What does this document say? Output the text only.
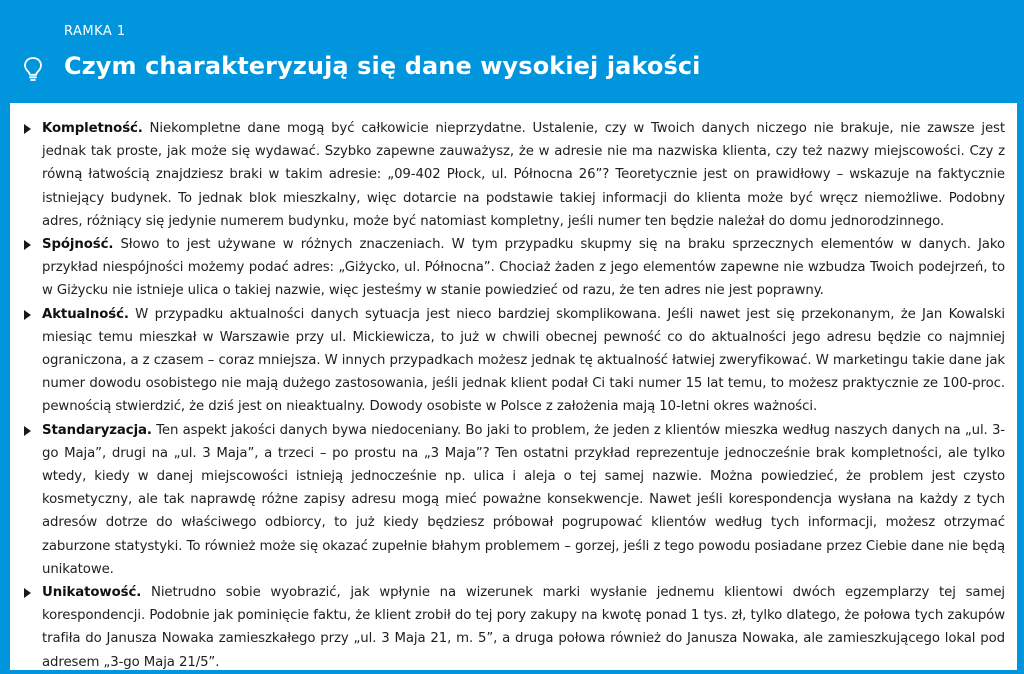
RAMKA 1
Czym charakteryzują się dane wysokiej jakości

Kompletność. Niekompletne dane mogą być całkowicie nieprzydatne. Ustalenie, czy w Twoich danych niczego nie brakuje, nie zawsze jest jednak tak proste, jak może się wydawać. Szybko zapewne zauważysz, że w adresie nie ma nazwiska klienta, czy też nazwy miejscowości. Czy z równą łatwością znajdziesz braki w takim adresie: „09-402 Płock, ul. Północna 26”? Teoretycznie jest on prawidłowy – wskazuje na faktycznie istniejący budynek. To jednak blok mieszkalny, więc dotarcie na podstawie takiej informacji do klienta może być wręcz niemożliwe. Podobny adres, różniący się jedynie numerem budynku, może być natomiast kompletny, jeśli numer ten będzie należał do domu jednorodzinnego.

Spójność. Słowo to jest używane w różnych znaczeniach. W tym przypadku skupmy się na braku sprzecznych elementów w danych. Jako przykład niespójności możemy podać adres: „Giżycko, ul. Północna”. Chociaż żaden z jego elementów zapewne nie wzbudza Twoich podejrzeń, to w Giżycku nie istnieje ulica o takiej nazwie, więc jesteśmy w stanie powiedzieć od razu, że ten adres nie jest poprawny.

Aktualność. W przypadku aktualności danych sytuacja jest nieco bardziej skomplikowana. Jeśli nawet jest się przekonanym, że Jan Kowalski miesiąc temu mieszkał w Warszawie przy ul. Mickiewicza, to już w chwili obecnej pewność co do aktualności jego adresu będzie co najmniej ograniczona, a z czasem – coraz mniejsza. W innych przypadkach możesz jednak tę aktualność łatwiej zweryfikować. W marketingu takie dane jak numer dowodu osobistego nie mają dużego zastosowania, jeśli jednak klient podał Ci taki numer 15 lat temu, to możesz praktycznie ze 100-proc. pewnością stwierdzić, że dziś jest on nieaktualny. Dowody osobiste w Polsce z założenia mają 10-letni okres ważności.

Standaryzacja. Ten aspekt jakości danych bywa niedoceniany. Bo jaki to problem, że jeden z klientów mieszka według naszych danych na „ul. 3-go Maja”, drugi na „ul. 3 Maja”, a trzeci – po prostu na „3 Maja”? Ten ostatni przykład reprezentuje jednocześnie brak kompletności, ale tylko wtedy, kiedy w danej miejscowości istnieją jednocześnie np. ulica i aleja o tej samej nazwie. Można powiedzieć, że problem jest czysto kosmetyczny, ale tak naprawdę różne zapisy adresu mogą mieć poważne konsekwencje. Nawet jeśli korespondencja wysłana na każdy z tych adresów dotrze do właściwego odbiorcy, to już kiedy będziesz próbował pogrupować klientów według tych informacji, możesz otrzymać zaburzone statystyki. To również może się okazać zupełnie błahym problemem – gorzej, jeśli z tego powodu posiadane przez Ciebie dane nie będą unikatowe.

Unikatowość. Nietrudno sobie wyobrazić, jak wpłynie na wizerunek marki wysłanie jednemu klientowi dwóch egzemplarzy tej samej korespondencji. Podobnie jak pominięcie faktu, że klient zrobił do tej pory zakupy na kwotę ponad 1 tys. zł, tylko dlatego, że połowa tych zakupów trafiła do Janusza Nowaka zamieszkałego przy „ul. 3 Maja 21, m. 5”, a druga połowa również do Janusza Nowaka, ale zamieszkującego lokal pod adresem „3-go Maja 21/5”.
